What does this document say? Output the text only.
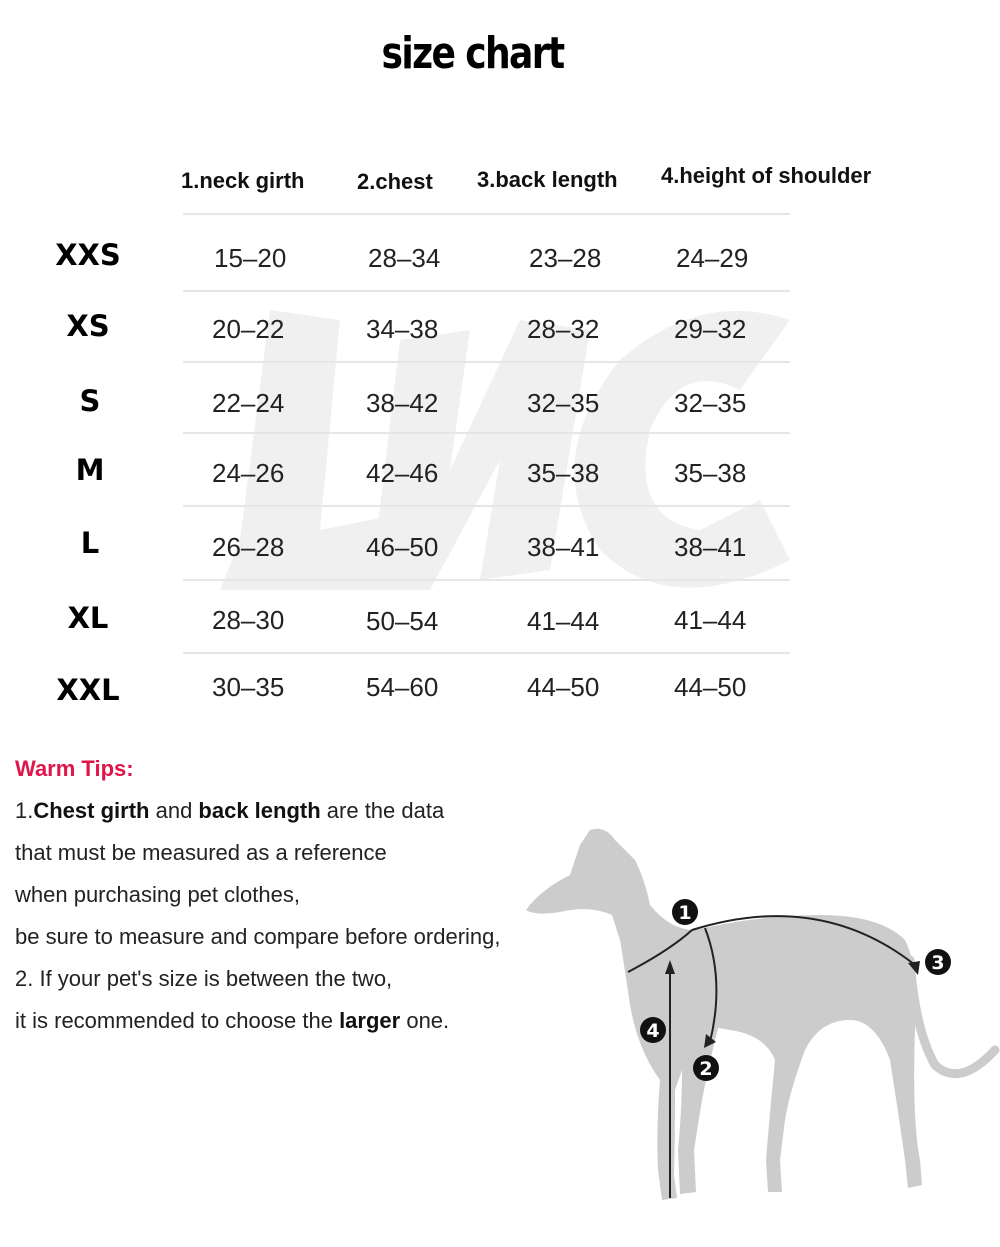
size chart
1.neck girth 2.chest 3.back length 4.height of shoulder
XXS	15–20	28–34	23–28	24–29
XS	20–22	34–38	28–32	29–32
S	22–24	38–42	32–35	32–35
M	24–26	42–46	35–38	35–38
L	26–28	46–50	38–41	38–41
XL	28–30	50–54	41–44	41–44
XXL	30–35	54–60	44–50	44–50
Warm Tips:
1.Chest girth and back length are the data
that must be measured as a reference
when purchasing pet clothes,
be sure to measure and compare before ordering,
2. If your pet's size is between the two,
it is recommended to choose the larger one.
1
2
3
4
